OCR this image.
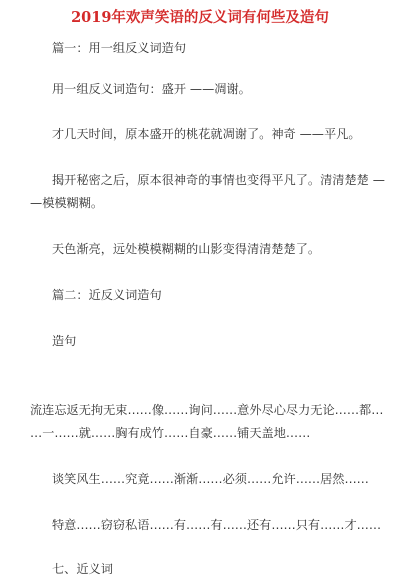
2019年欢声笑语的反义词有何些及造句
篇一：用一组反义词造句
用一组反义词造句：盛开 ——凋谢。
才几天时间，原本盛开的桃花就凋谢了。神奇 ——平凡。
揭开秘密之后，原本很神奇的事情也变得平凡了。清清楚楚 —
—模模糊糊。
天色渐亮，远处模模糊糊的山影变得清清楚楚了。
篇二：近反义词造句
造句
流连忘返无拘无束……像……询问……意外尽心尽力无论……都…
…一……就……胸有成竹……自豪……铺天盖地……
谈笑风生……究竟……渐渐……必须……允许……居然……
特意……窃窃私语……有……有……还有……只有……才……
七、近义词
